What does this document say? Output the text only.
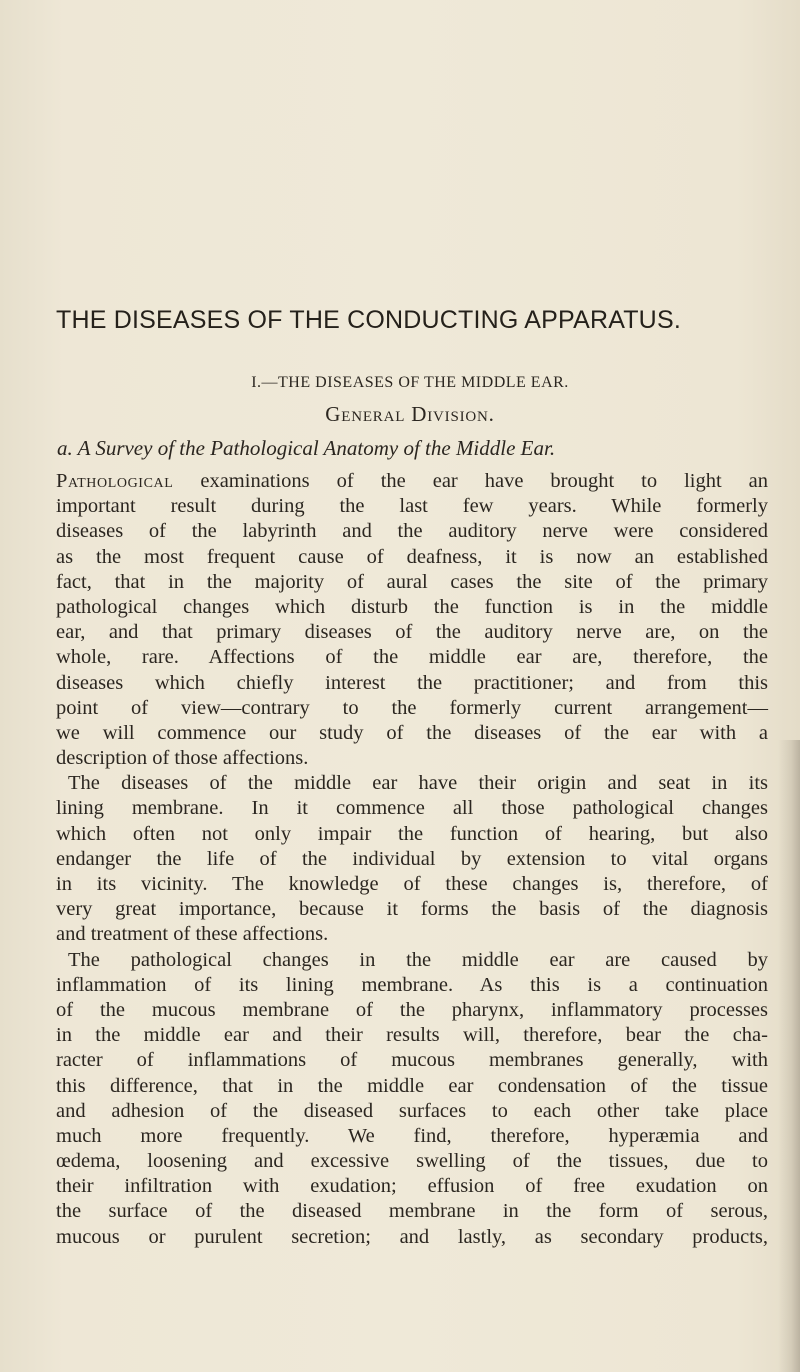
THE DISEASES OF THE CONDUCTING APPARATUS.
I.—THE DISEASES OF THE MIDDLE EAR.
General Division.
a. A Survey of the Pathological Anatomy of the Middle Ear.
Pathological examinations of the ear have brought to light an
important result during the last few years. While formerly
diseases of the labyrinth and the auditory nerve were considered
as the most frequent cause of deafness, it is now an established
fact, that in the majority of aural cases the site of the primary
pathological changes which disturb the function is in the middle
ear, and that primary diseases of the auditory nerve are, on the
whole, rare. Affections of the middle ear are, therefore, the
diseases which chiefly interest the practitioner; and from this
point of view—contrary to the formerly current arrangement—
we will commence our study of the diseases of the ear with a
description of those affections.
The diseases of the middle ear have their origin and seat in its
lining membrane. In it commence all those pathological changes
which often not only impair the function of hearing, but also
endanger the life of the individual by extension to vital organs
in its vicinity. The knowledge of these changes is, therefore, of
very great importance, because it forms the basis of the diagnosis
and treatment of these affections.
The pathological changes in the middle ear are caused by
inflammation of its lining membrane. As this is a continuation
of the mucous membrane of the pharynx, inflammatory processes
in the middle ear and their results will, therefore, bear the cha-
racter of inflammations of mucous membranes generally, with
this difference, that in the middle ear condensation of the tissue
and adhesion of the diseased surfaces to each other take place
much more frequently. We find, therefore, hyperæmia and
œdema, loosening and excessive swelling of the tissues, due to
their infiltration with exudation; effusion of free exudation on
the surface of the diseased membrane in the form of serous,
mucous or purulent secretion; and lastly, as secondary products,
